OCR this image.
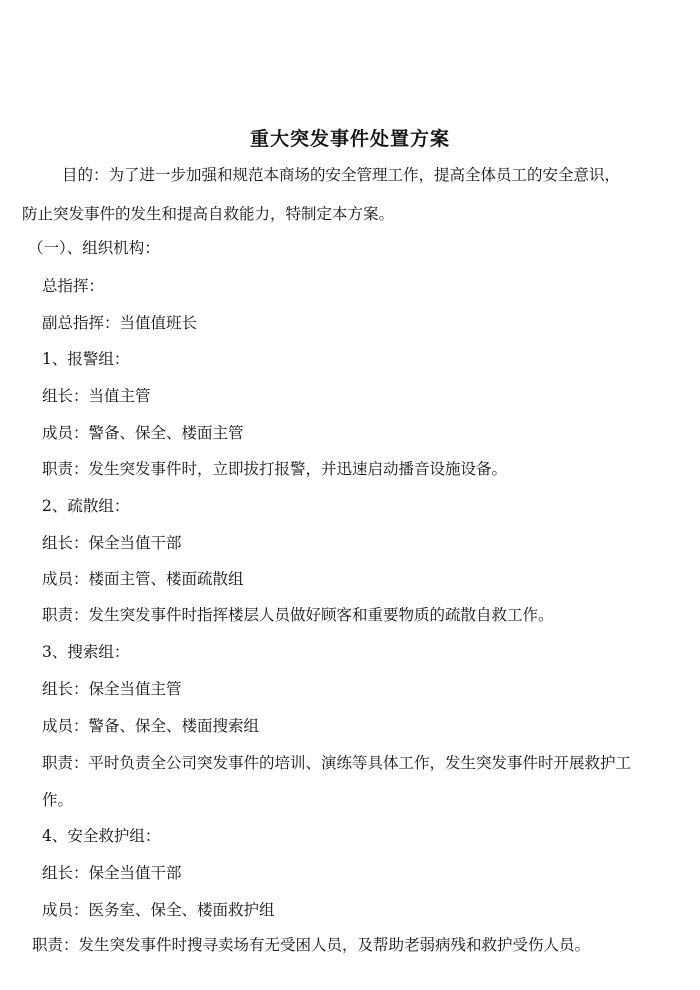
重大突发事件处置方案
目的：为了进一步加强和规范本商场的安全管理工作，提高全体员工的安全意识，
防止突发事件的发生和提高自救能力，特制定本方案。
（一）、组织机构：
总指挥：
副总指挥：当值值班长
1、报警组：
组长：当值主管
成员：警备、保全、楼面主管
职责：发生突发事件时，立即拔打报警，并迅速启动播音设施设备。
2、疏散组：
组长：保全当值干部
成员：楼面主管、楼面疏散组
职责：发生突发事件时指挥楼层人员做好顾客和重要物质的疏散自救工作。
3、搜索组：
组长：保全当值主管
成员：警备、保全、楼面搜索组
职责：平时负责全公司突发事件的培训、演练等具体工作，发生突发事件时开展救护工
作。
4、安全救护组：
组长：保全当值干部
成员：医务室、保全、楼面救护组
职责：发生突发事件时搜寻卖场有无受困人员，及帮助老弱病残和救护受伤人员。
